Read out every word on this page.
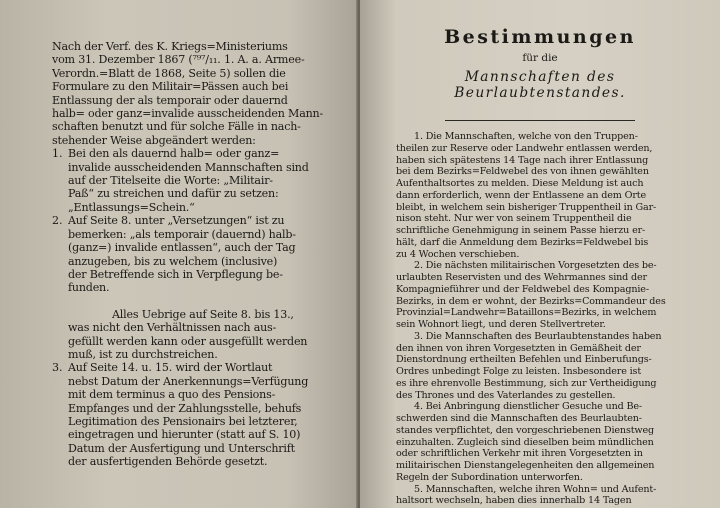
Nach der Verf. des K. Kriegs=Ministeriums
vom 31. Dezember 1867 (⁷⁹⁷/₁₁. 1. A. a. Armee-
Verordn.=Blatt de 1868, Seite 5) sollen die
Formulare zu den Militair=Pässen auch bei
Entlassung der als temporair oder dauernd
halb= oder ganz=invalide ausscheidenden Mann-
schaften benutzt und für solche Fälle in nach-
stehender Weise abgeändert werden:
1. Bei den als dauernd halb= oder ganz=
invalide ausscheidenden Mannschaften sind
auf der Titelseite die Worte: „Militair-
Paß“ zu streichen und dafür zu setzen:
„Entlassungs=Schein.“
2. Auf Seite 8. unter „Versetzungen“ ist zu
bemerken: „als temporair (dauernd) halb-
(ganz=) invalide entlassen“, auch der Tag
anzugeben, bis zu welchem (inclusive)
der Betreffende sich in Verpflegung be-
funden.
Alles Uebrige auf Seite 8. bis 13.,
was nicht den Verhältnissen nach aus-
gefüllt werden kann oder ausgefüllt werden
muß, ist zu durchstreichen.
3. Auf Seite 14. u. 15. wird der Wortlaut
nebst Datum der Anerkennungs=Verfügung
mit dem terminus a quo des Pensions-
Empfanges und der Zahlungsstelle, behufs
Legitimation des Pensionairs bei letzterer,
eingetragen und hierunter (statt auf S. 10)
Datum der Ausfertigung und Unterschrift
der ausfertigenden Behörde gesetzt.
Bestimmungen
für die
Mannschaften des Beurlaubtenstandes.
1. Die Mannschaften, welche von den Truppen-
theilen zur Reserve oder Landwehr entlassen werden,
haben sich spätestens 14 Tage nach ihrer Entlassung
bei dem Bezirks=Feldwebel des von ihnen gewählten
Aufenthaltsortes zu melden. Diese Meldung ist auch
dann erforderlich, wenn der Entlassene an dem Orte
bleibt, in welchem sein bisheriger Truppentheil in Gar-
nison steht. Nur wer von seinem Truppentheil die
schriftliche Genehmigung in seinem Passe hierzu er-
hält, darf die Anmeldung dem Bezirks=Feldwebel bis
zu 4 Wochen verschieben.
2. Die nächsten militairischen Vorgesetzten des be-
urlaubten Reservisten und des Wehrmannes sind der
Kompagnieführer und der Feldwebel des Kompagnie-
Bezirks, in dem er wohnt, der Bezirks=Commandeur des
Provinzial=Landwehr=Bataillons=Bezirks, in welchem
sein Wohnort liegt, und deren Stellvertreter.
3. Die Mannschaften des Beurlaubtenstandes haben
den ihnen von ihren Vorgesetzten in Gemäßheit der
Dienstordnung ertheilten Befehlen und Einberufungs-
Ordres unbedingt Folge zu leisten. Insbesondere ist
es ihre ehrenvolle Bestimmung, sich zur Vertheidigung
des Thrones und des Vaterlandes zu gestellen.
4. Bei Anbringung dienstlicher Gesuche und Be-
schwerden sind die Mannschaften des Beurlaubten-
standes verpflichtet, den vorgeschriebenen Dienstweg
einzuhalten. Zugleich sind dieselben beim mündlichen
oder schriftlichen Verkehr mit ihren Vorgesetzten in
militairischen Dienstangelegenheiten den allgemeinen
Regeln der Subordination unterworfen.
5. Mannschaften, welche ihren Wohn= und Aufent-
haltsort wechseln, haben dies innerhalb 14 Tagen
